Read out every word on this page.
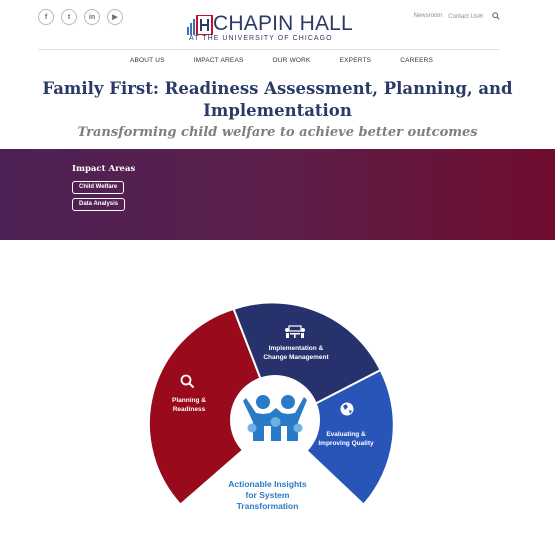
f	t	in	▶	CHAPIN HALL
AT THE UNIVERSITY OF CHICAGO
Newsroom Contact Us✉
ABOUT US	IMPACT AREAS	OUR WORK	EXPERTS	CAREERS
Family First: Readiness Assessment, Planning, and Implementation
Transforming child welfare to achieve better outcomes
Impact Areas
Child Welfare
Data Analysis
Planning &
Readiness
Implementation &
Change Management
Evaluating &
Improving Quality
Actionable Insights
for System
Transformation
